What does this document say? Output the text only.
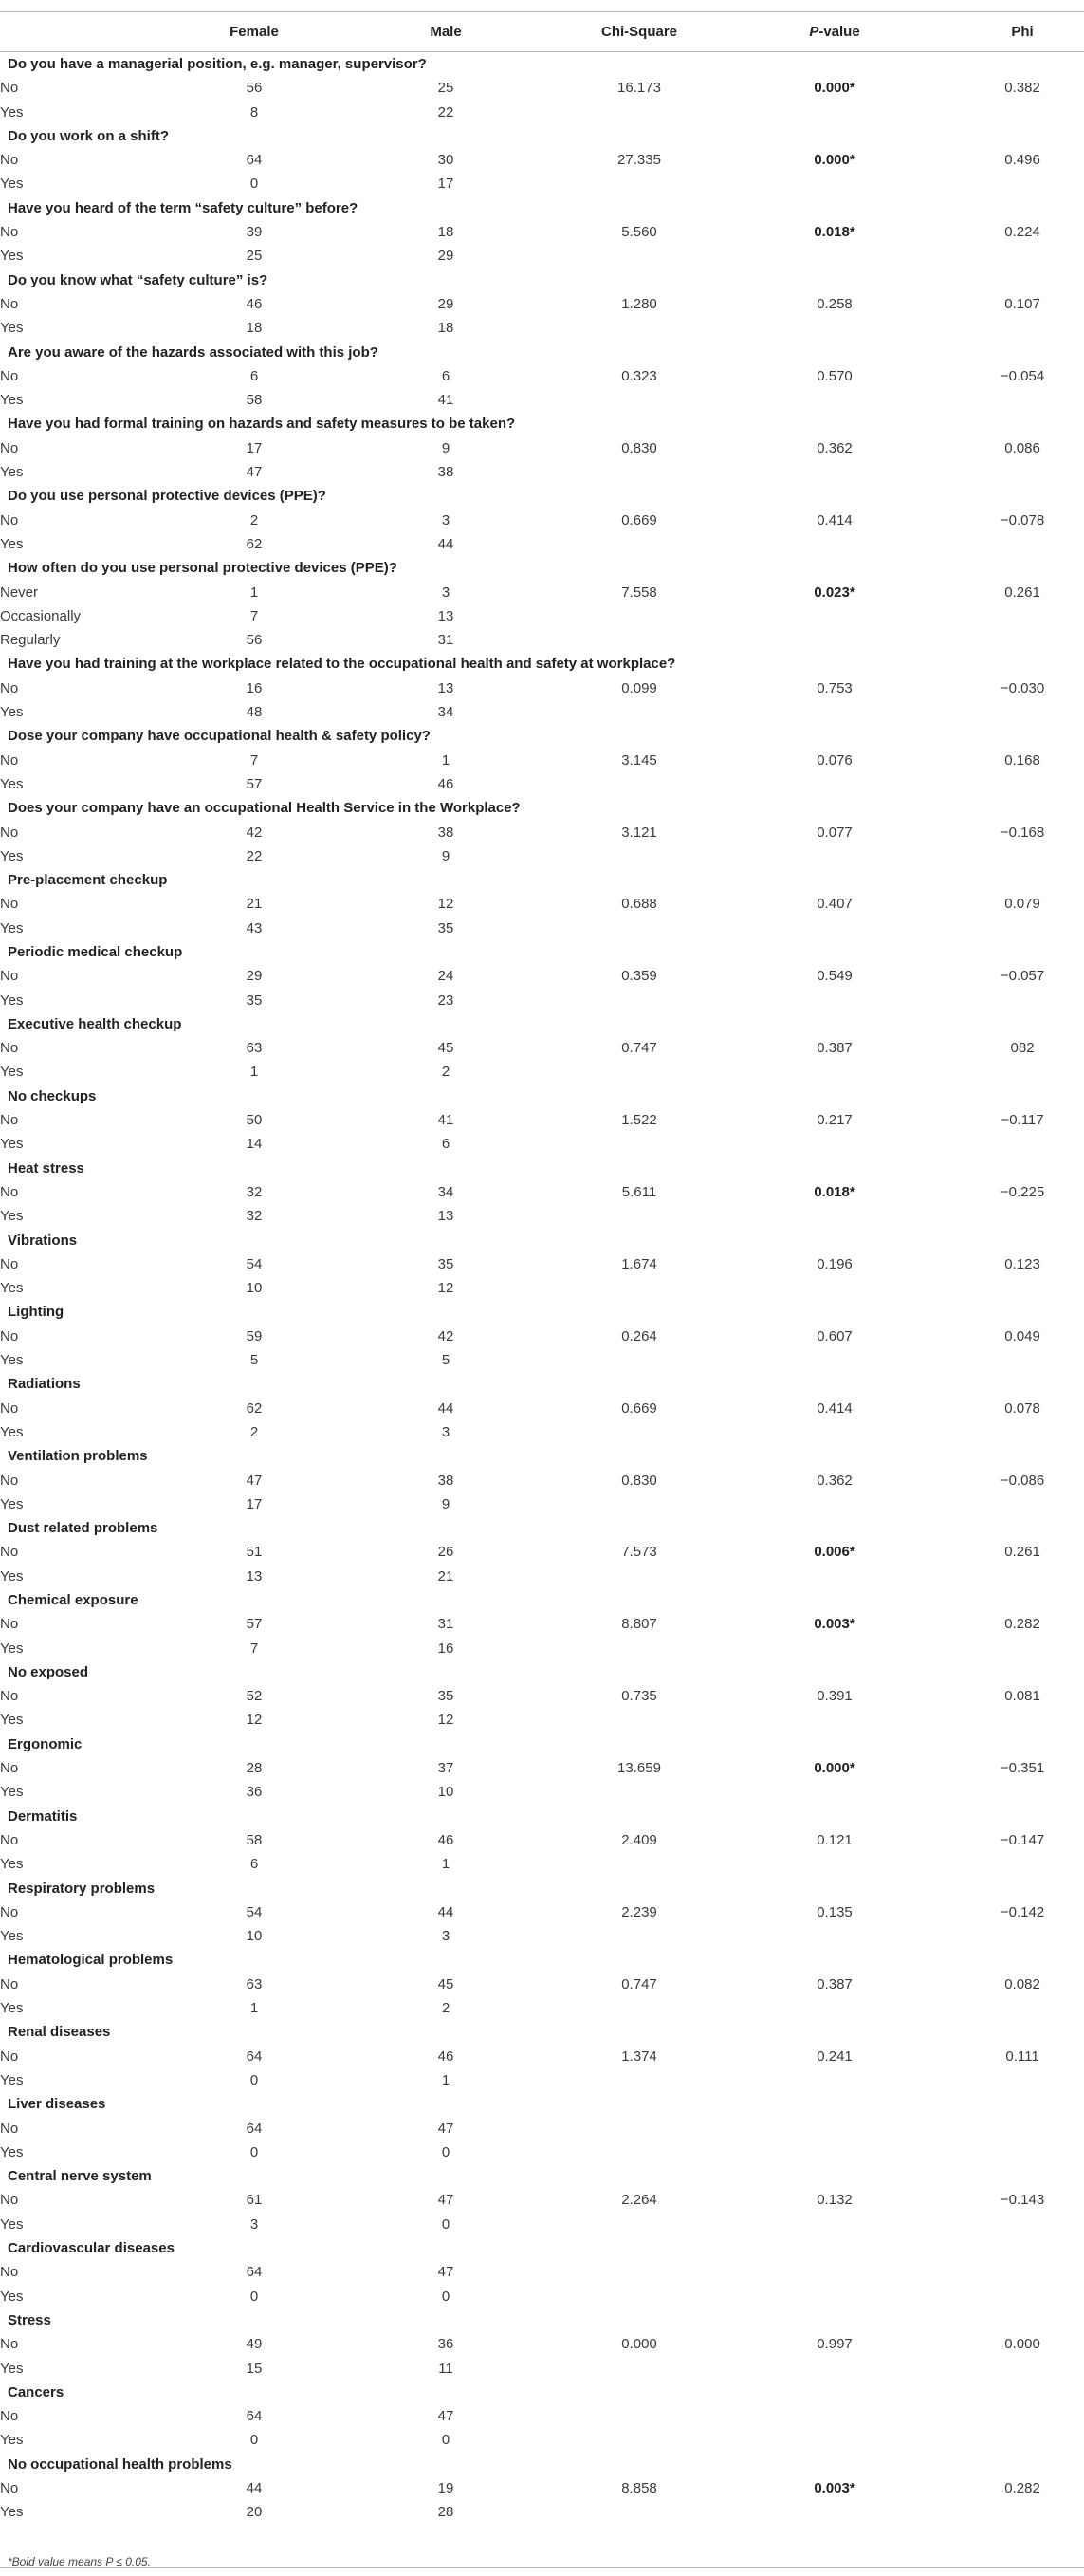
Female	Male	Chi-Square	P-value	Phi
Do you have a managerial position, e.g. manager, supervisor?					
No	56	25	16.173	0.000*	0.382
Yes	8	22			
Do you work on a shift?					
No	64	30	27.335	0.000*	0.496
Yes	0	17			
Have you heard of the term “safety culture” before?					
No	39	18	5.560	0.018*	0.224
Yes	25	29			
Do you know what “safety culture” is?					
No	46	29	1.280	0.258	0.107
Yes	18	18			
Are you aware of the hazards associated with this job?					
No	6	6	0.323	0.570	−0.054
Yes	58	41			
Have you had formal training on hazards and safety measures to be taken?					
No	17	9	0.830	0.362	0.086
Yes	47	38			
Do you use personal protective devices (PPE)?					
No	2	3	0.669	0.414	−0.078
Yes	62	44			
How often do you use personal protective devices (PPE)?					
Never	1	3	7.558	0.023*	0.261
Occasionally	7	13			
Regularly	56	31			
Have you had training at the workplace related to the occupational health and safety at workplace?					
No	16	13	0.099	0.753	−0.030
Yes	48	34			
Dose your company have occupational health & safety policy?					
No	7	1	3.145	0.076	0.168
Yes	57	46			
Does your company have an occupational Health Service in the Workplace?					
No	42	38	3.121	0.077	−0.168
Yes	22	9			
Pre-placement checkup					
No	21	12	0.688	0.407	0.079
Yes	43	35			
Periodic medical checkup					
No	29	24	0.359	0.549	−0.057
Yes	35	23			
Executive health checkup					
No	63	45	0.747	0.387	082
Yes	1	2			
No checkups					
No	50	41	1.522	0.217	−0.117
Yes	14	6			
Heat stress					
No	32	34	5.611	0.018*	−0.225
Yes	32	13			
Vibrations					
No	54	35	1.674	0.196	0.123
Yes	10	12			
Lighting					
No	59	42	0.264	0.607	0.049
Yes	5	5			
Radiations					
No	62	44	0.669	0.414	0.078
Yes	2	3			
Ventilation problems					
No	47	38	0.830	0.362	−0.086
Yes	17	9			
Dust related problems					
No	51	26	7.573	0.006*	0.261
Yes	13	21			
Chemical exposure					
No	57	31	8.807	0.003*	0.282
Yes	7	16			
No exposed					
No	52	35	0.735	0.391	0.081
Yes	12	12			
Ergonomic					
No	28	37	13.659	0.000*	−0.351
Yes	36	10			
Dermatitis					
No	58	46	2.409	0.121	−0.147
Yes	6	1			
Respiratory problems					
No	54	44	2.239	0.135	−0.142
Yes	10	3			
Hematological problems					
No	63	45	0.747	0.387	0.082
Yes	1	2			
Renal diseases					
No	64	46	1.374	0.241	0.111
Yes	0	1			
Liver diseases					
No	64	47			
Yes	0	0			
Central nerve system					
No	61	47	2.264	0.132	−0.143
Yes	3	0			
Cardiovascular diseases					
No	64	47			
Yes	0	0			
Stress					
No	49	36	0.000	0.997	0.000
Yes	15	11			
Cancers					
No	64	47			
Yes	0	0			
No occupational health problems					
No	44	19	8.858	0.003*	0.282
Yes	20	28			
*Bold value means P ≤ 0.05.
